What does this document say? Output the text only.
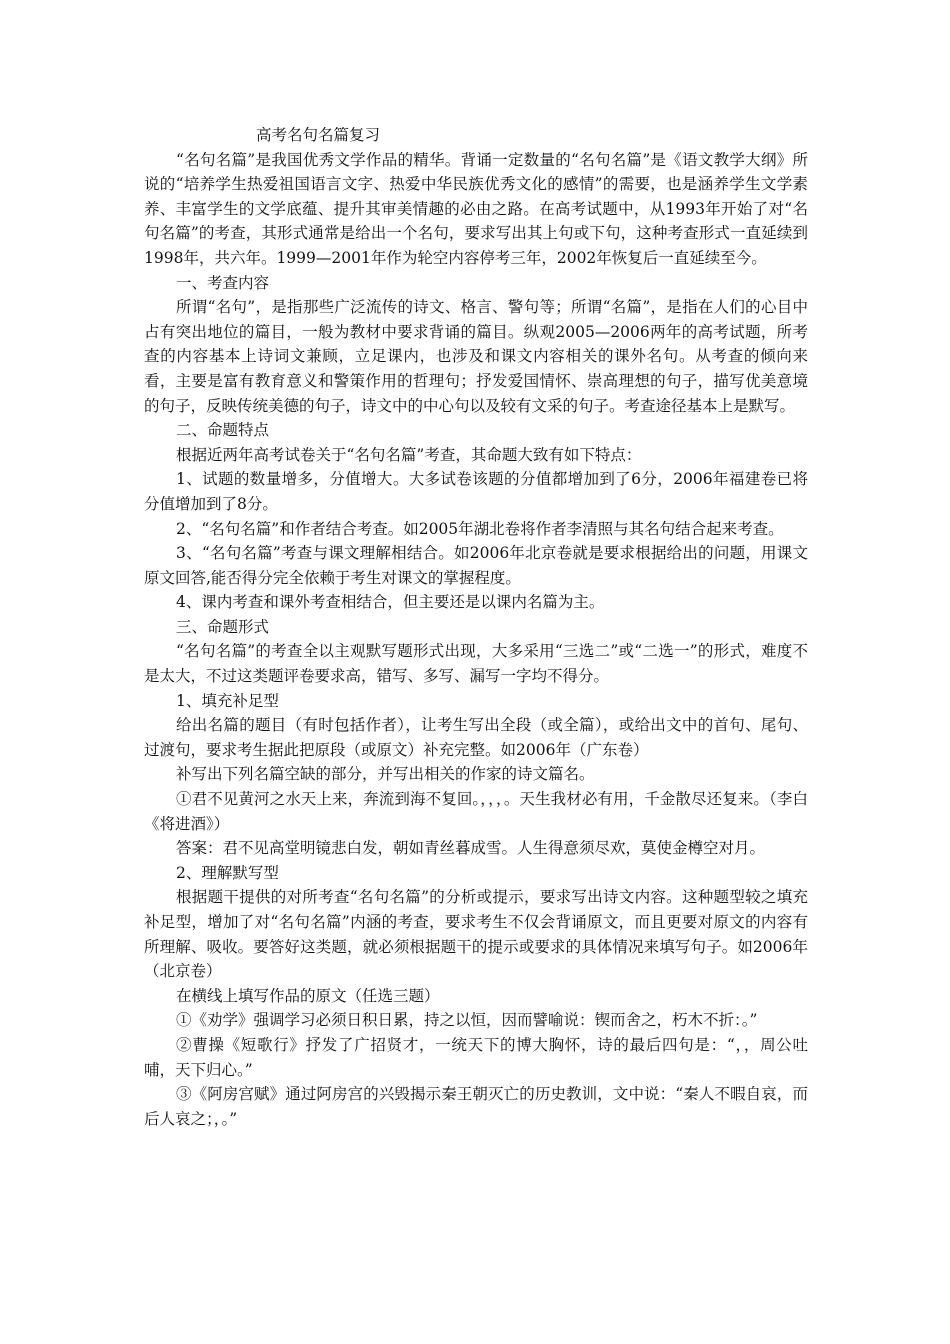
高考名句名篇复习

“名句名篇”是我国优秀文学作品的精华。背诵一定数量的“名句名篇”是《语文教学大纲》所说的“培养学生热爱祖国语言文字、热爱中华民族优秀文化的感情”的需要，也是涵养学生文学素养、丰富学生的文学底蕴、提升其审美情趣的必由之路。在高考试题中，从1993年开始了对“名句名篇”的考查，其形式通常是给出一个名句，要求写出其上句或下句，这种考查形式一直延续到1998年，共六年。1999—2001年作为轮空内容停考三年，2002年恢复后一直延续至今。

一、考查内容

所谓“名句”，是指那些广泛流传的诗文、格言、警句等；所谓“名篇”，是指在人们的心目中占有突出地位的篇目，一般为教材中要求背诵的篇目。纵观2005—2006两年的高考试题，所考查的内容基本上诗词文兼顾，立足课内，也涉及和课文内容相关的课外名句。从考查的倾向来看，主要是富有教育意义和警策作用的哲理句；抒发爱国情怀、崇高理想的句子，描写优美意境的句子，反映传统美德的句子，诗文中的中心句以及较有文采的句子。考查途径基本上是默写。

二、命题特点

根据近两年高考试卷关于“名句名篇”考查，其命题大致有如下特点：

1、试题的数量增多，分值增大。大多试卷该题的分值都增加到了6分，2006年福建卷已将分值增加到了8分。

2、“名句名篇”和作者结合考查。如2005年湖北卷将作者李清照与其名句结合起来考查。

3、“名句名篇”考查与课文理解相结合。如2006年北京卷就是要求根据给出的问题，用课文原文回答,能否得分完全依赖于考生对课文的掌握程度。

4、课内考查和课外考查相结合，但主要还是以课内名篇为主。

三、命题形式

“名句名篇”的考查全以主观默写题形式出现，大多采用“三选二”或“二选一”的形式，难度不是太大，不过这类题评卷要求高，错写、多写、漏写一字均不得分。

1、填充补足型

给出名篇的题目（有时包括作者），让考生写出全段（或全篇），或给出文中的首句、尾句、过渡句，要求考生据此把原段（或原文）补充完整。如2006年（广东卷）

补写出下列名篇空缺的部分，并写出相关的作家的诗文篇名。

①君不见黄河之水天上来，奔流到海不复回。，，，。天生我材必有用，千金散尽还复来。（李白《将进酒》）

答案：君不见高堂明镜悲白发，朝如青丝暮成雪。人生得意须尽欢，莫使金樽空对月。

2、理解默写型

根据题干提供的对所考查“名句名篇”的分析或提示，要求写出诗文内容。这种题型较之填充补足型，增加了对“名句名篇”内涵的考查，要求考生不仅会背诵原文，而且更要对原文的内容有所理解、吸收。要答好这类题，就必须根据题干的提示或要求的具体情况来填写句子。如2006年（北京卷）

在横线上填写作品的原文（任选三题）

①《劝学》强调学习必须日积日累，持之以恒，因而譬喻说：锲而舍之，朽木不折：。”

②曹操《短歌行》抒发了广招贤才，一统天下的博大胸怀，诗的最后四句是：“，，周公吐哺，天下归心。”

③《阿房宫赋》通过阿房宫的兴毁揭示秦王朝灭亡的历史教训，文中说：“秦人不暇自哀，而后人哀之；，。”
